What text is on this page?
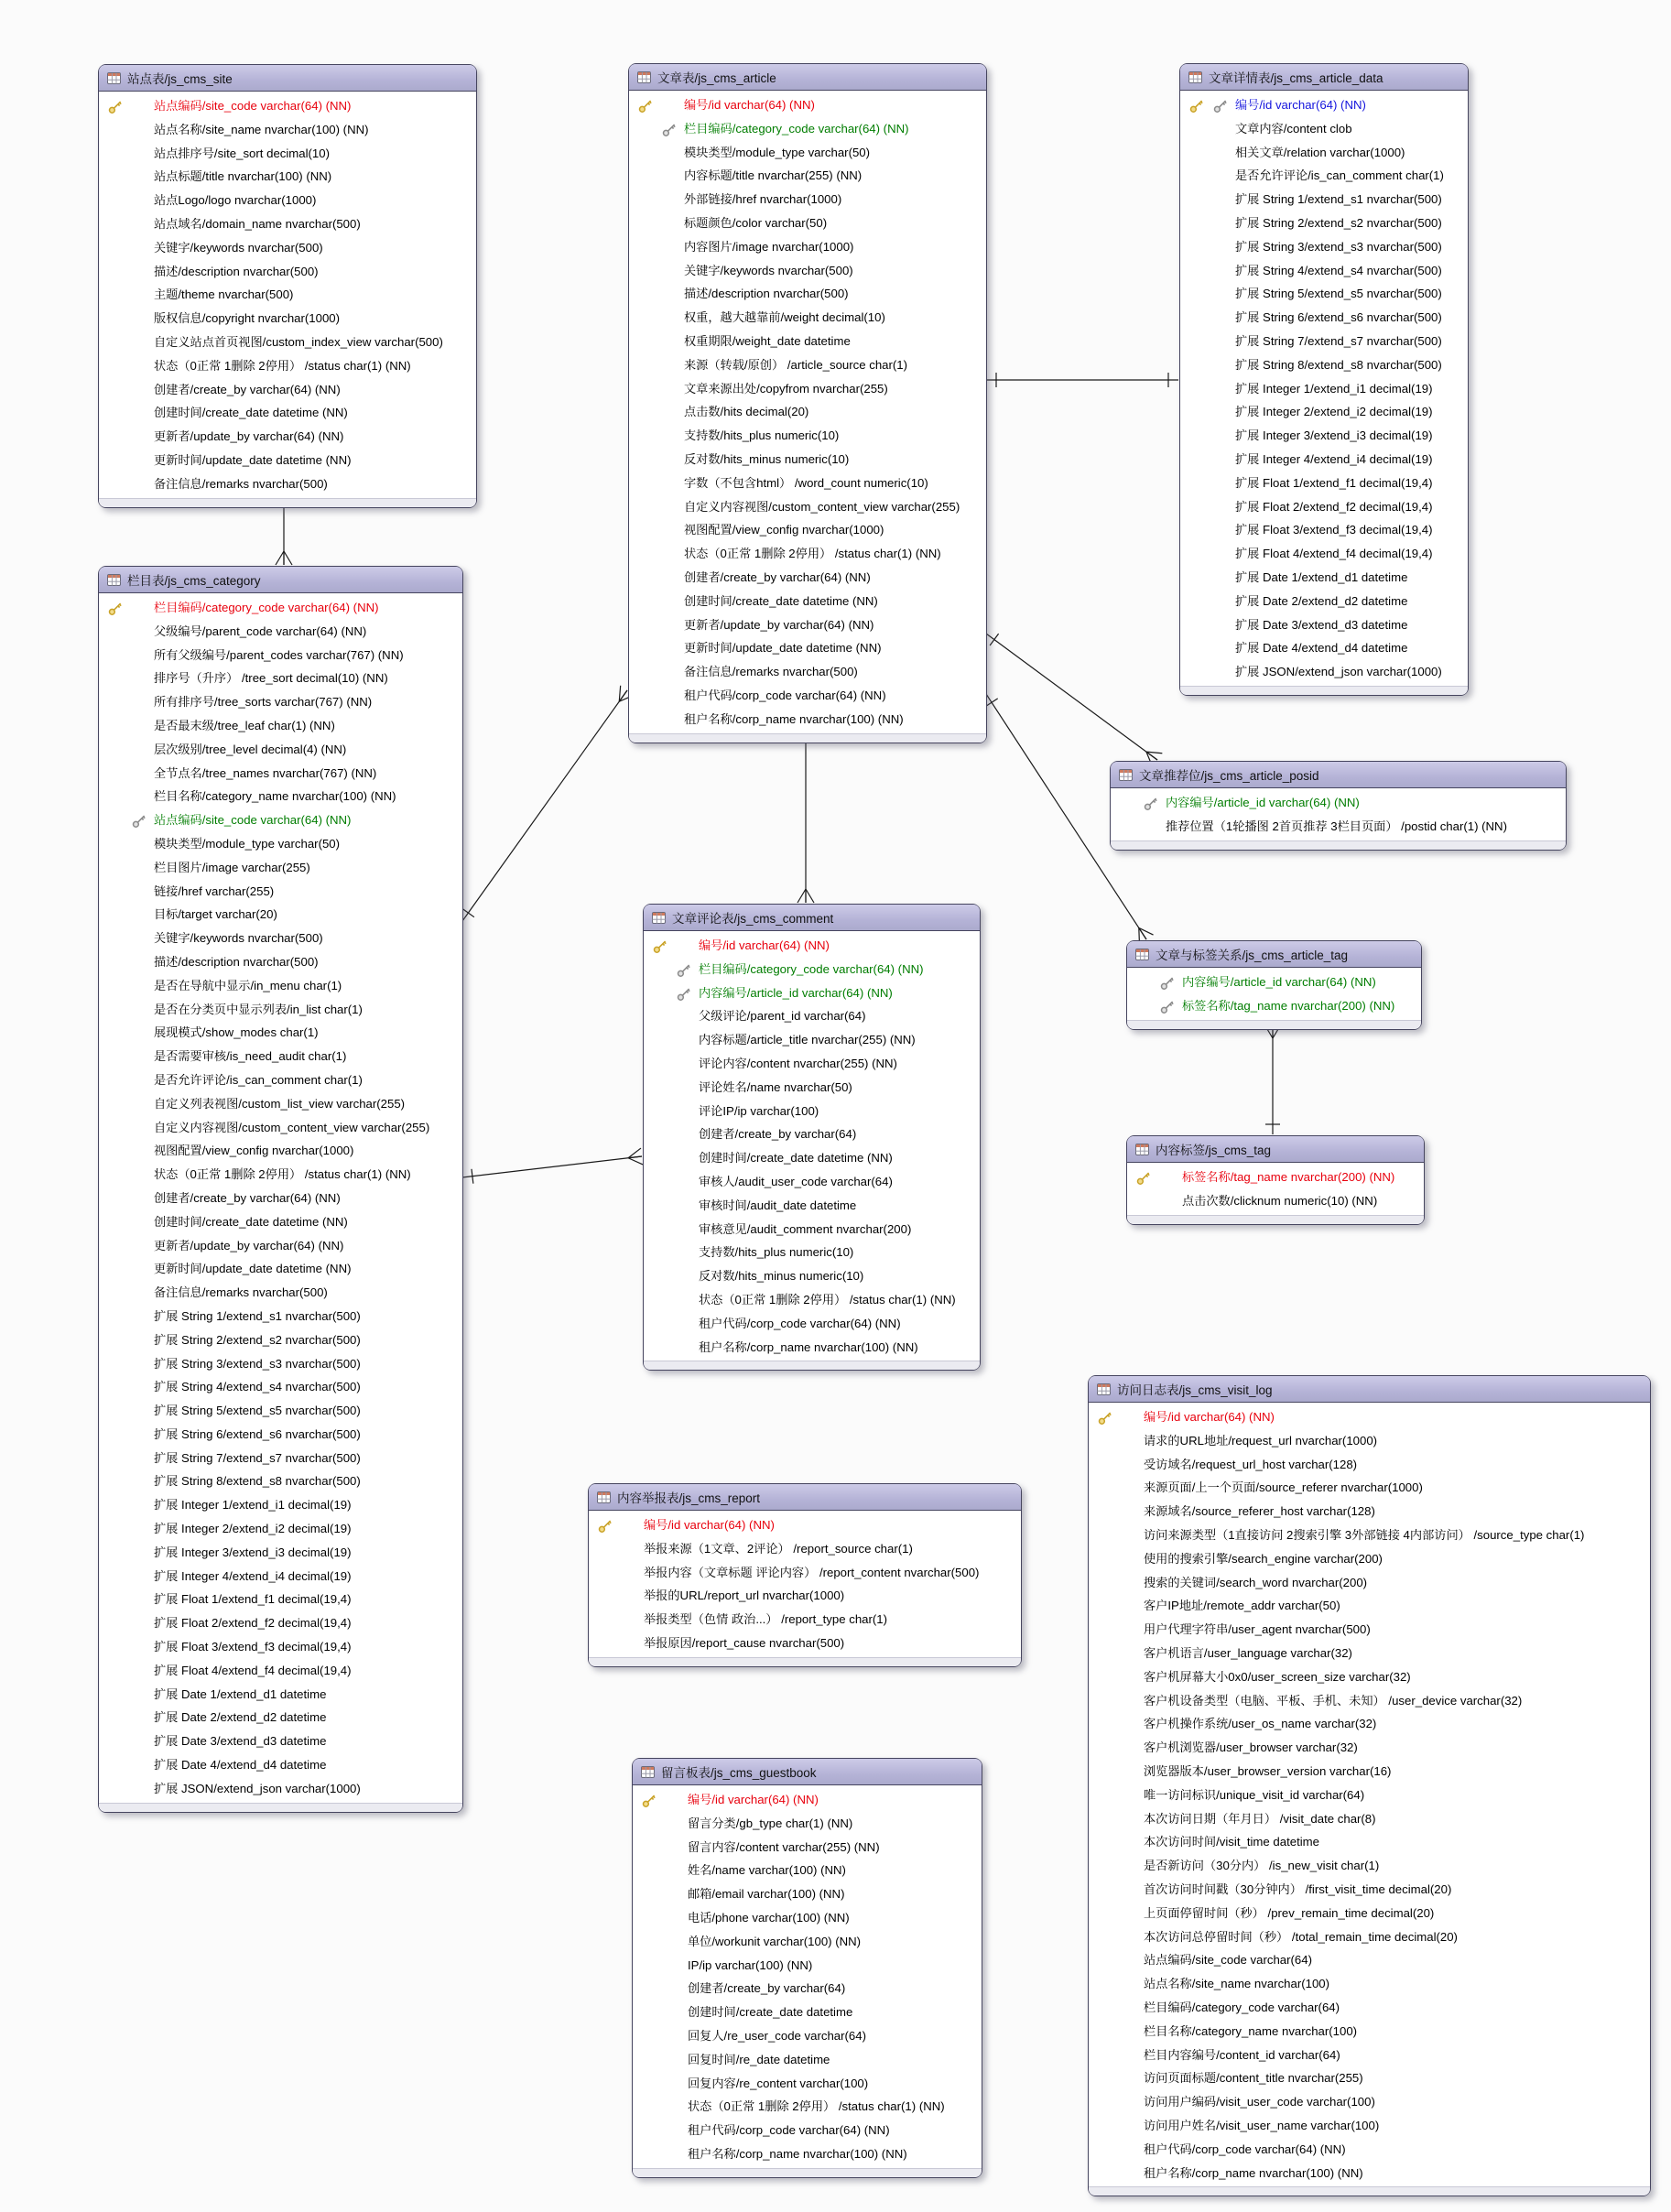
站点表/js_cms_site
站点编码/site_code varchar(64) (NN)
站点名称/site_name nvarchar(100) (NN)
站点排序号/site_sort decimal(10)
站点标题/title nvarchar(100) (NN)
站点Logo/logo nvarchar(1000)
站点域名/domain_name nvarchar(500)
关键字/keywords nvarchar(500)
描述/description nvarchar(500)
主题/theme nvarchar(500)
版权信息/copyright nvarchar(1000)
自定义站点首页视图/custom_index_view varchar(500)
状态（0正常 1删除 2停用） /status char(1) (NN)
创建者/create_by varchar(64) (NN)
创建时间/create_date datetime (NN)
更新者/update_by varchar(64) (NN)
更新时间/update_date datetime (NN)
备注信息/remarks nvarchar(500)
栏目表/js_cms_category
栏目编码/category_code varchar(64) (NN)
父级编号/parent_code varchar(64) (NN)
所有父级编号/parent_codes varchar(767) (NN)
排序号（升序） /tree_sort decimal(10) (NN)
所有排序号/tree_sorts varchar(767) (NN)
是否最末级/tree_leaf char(1) (NN)
层次级别/tree_level decimal(4) (NN)
全节点名/tree_names nvarchar(767) (NN)
栏目名称/category_name nvarchar(100) (NN)
站点编码/site_code varchar(64) (NN)
模块类型/module_type varchar(50)
栏目图片/image varchar(255)
链接/href varchar(255)
目标/target varchar(20)
关键字/keywords nvarchar(500)
描述/description nvarchar(500)
是否在导航中显示/in_menu char(1)
是否在分类页中显示列表/in_list char(1)
展现模式/show_modes char(1)
是否需要审核/is_need_audit char(1)
是否允许评论/is_can_comment char(1)
自定义列表视图/custom_list_view varchar(255)
自定义内容视图/custom_content_view varchar(255)
视图配置/view_config nvarchar(1000)
状态（0正常 1删除 2停用） /status char(1) (NN)
创建者/create_by varchar(64) (NN)
创建时间/create_date datetime (NN)
更新者/update_by varchar(64) (NN)
更新时间/update_date datetime (NN)
备注信息/remarks nvarchar(500)
扩展 String 1/extend_s1 nvarchar(500)
扩展 String 2/extend_s2 nvarchar(500)
扩展 String 3/extend_s3 nvarchar(500)
扩展 String 4/extend_s4 nvarchar(500)
扩展 String 5/extend_s5 nvarchar(500)
扩展 String 6/extend_s6 nvarchar(500)
扩展 String 7/extend_s7 nvarchar(500)
扩展 String 8/extend_s8 nvarchar(500)
扩展 Integer 1/extend_i1 decimal(19)
扩展 Integer 2/extend_i2 decimal(19)
扩展 Integer 3/extend_i3 decimal(19)
扩展 Integer 4/extend_i4 decimal(19)
扩展 Float 1/extend_f1 decimal(19,4)
扩展 Float 2/extend_f2 decimal(19,4)
扩展 Float 3/extend_f3 decimal(19,4)
扩展 Float 4/extend_f4 decimal(19,4)
扩展 Date 1/extend_d1 datetime
扩展 Date 2/extend_d2 datetime
扩展 Date 3/extend_d3 datetime
扩展 Date 4/extend_d4 datetime
扩展 JSON/extend_json varchar(1000)
文章表/js_cms_article
编号/id varchar(64) (NN)
栏目编码/category_code varchar(64) (NN)
模块类型/module_type varchar(50)
内容标题/title nvarchar(255) (NN)
外部链接/href nvarchar(1000)
标题颜色/color varchar(50)
内容图片/image nvarchar(1000)
关键字/keywords nvarchar(500)
描述/description nvarchar(500)
权重，越大越靠前/weight decimal(10)
权重期限/weight_date datetime
来源（转载/原创） /article_source char(1)
文章来源出处/copyfrom nvarchar(255)
点击数/hits decimal(20)
支持数/hits_plus numeric(10)
反对数/hits_minus numeric(10)
字数（不包含html） /word_count numeric(10)
自定义内容视图/custom_content_view varchar(255)
视图配置/view_config nvarchar(1000)
状态（0正常 1删除 2停用） /status char(1) (NN)
创建者/create_by varchar(64) (NN)
创建时间/create_date datetime (NN)
更新者/update_by varchar(64) (NN)
更新时间/update_date datetime (NN)
备注信息/remarks nvarchar(500)
租户代码/corp_code varchar(64) (NN)
租户名称/corp_name nvarchar(100) (NN)
文章详情表/js_cms_article_data
编号/id varchar(64) (NN)
文章内容/content clob
相关文章/relation varchar(1000)
是否允许评论/is_can_comment char(1)
扩展 String 1/extend_s1 nvarchar(500)
扩展 String 2/extend_s2 nvarchar(500)
扩展 String 3/extend_s3 nvarchar(500)
扩展 String 4/extend_s4 nvarchar(500)
扩展 String 5/extend_s5 nvarchar(500)
扩展 String 6/extend_s6 nvarchar(500)
扩展 String 7/extend_s7 nvarchar(500)
扩展 String 8/extend_s8 nvarchar(500)
扩展 Integer 1/extend_i1 decimal(19)
扩展 Integer 2/extend_i2 decimal(19)
扩展 Integer 3/extend_i3 decimal(19)
扩展 Integer 4/extend_i4 decimal(19)
扩展 Float 1/extend_f1 decimal(19,4)
扩展 Float 2/extend_f2 decimal(19,4)
扩展 Float 3/extend_f3 decimal(19,4)
扩展 Float 4/extend_f4 decimal(19,4)
扩展 Date 1/extend_d1 datetime
扩展 Date 2/extend_d2 datetime
扩展 Date 3/extend_d3 datetime
扩展 Date 4/extend_d4 datetime
扩展 JSON/extend_json varchar(1000)
文章推荐位/js_cms_article_posid
内容编号/article_id varchar(64) (NN)
推荐位置（1轮播图 2首页推荐 3栏目页面） /postid char(1) (NN)
文章与标签关系/js_cms_article_tag
内容编号/article_id varchar(64) (NN)
标签名称/tag_name nvarchar(200) (NN)
内容标签/js_cms_tag
标签名称/tag_name nvarchar(200) (NN)
点击次数/clicknum numeric(10) (NN)
文章评论表/js_cms_comment
编号/id varchar(64) (NN)
栏目编码/category_code varchar(64) (NN)
内容编号/article_id varchar(64) (NN)
父级评论/parent_id varchar(64)
内容标题/article_title nvarchar(255) (NN)
评论内容/content nvarchar(255) (NN)
评论姓名/name nvarchar(50)
评论IP/ip varchar(100)
创建者/create_by varchar(64)
创建时间/create_date datetime (NN)
审核人/audit_user_code varchar(64)
审核时间/audit_date datetime
审核意见/audit_comment nvarchar(200)
支持数/hits_plus numeric(10)
反对数/hits_minus numeric(10)
状态（0正常 1删除 2停用） /status char(1) (NN)
租户代码/corp_code varchar(64) (NN)
租户名称/corp_name nvarchar(100) (NN)
内容举报表/js_cms_report
编号/id varchar(64) (NN)
举报来源（1文章、2评论） /report_source char(1)
举报内容（文章标题 评论内容） /report_content nvarchar(500)
举报的URL/report_url nvarchar(1000)
举报类型（色情 政治...） /report_type char(1)
举报原因/report_cause nvarchar(500)
留言板表/js_cms_guestbook
编号/id varchar(64) (NN)
留言分类/gb_type char(1) (NN)
留言内容/content varchar(255) (NN)
姓名/name varchar(100) (NN)
邮箱/email varchar(100) (NN)
电话/phone varchar(100) (NN)
单位/workunit varchar(100) (NN)
IP/ip varchar(100) (NN)
创建者/create_by varchar(64)
创建时间/create_date datetime
回复人/re_user_code varchar(64)
回复时间/re_date datetime
回复内容/re_content varchar(100)
状态（0正常 1删除 2停用） /status char(1) (NN)
租户代码/corp_code varchar(64) (NN)
租户名称/corp_name nvarchar(100) (NN)
访问日志表/js_cms_visit_log
编号/id varchar(64) (NN)
请求的URL地址/request_url nvarchar(1000)
受访域名/request_url_host varchar(128)
来源页面/上一个页面/source_referer nvarchar(1000)
来源域名/source_referer_host varchar(128)
访问来源类型（1直接访问 2搜索引擎 3外部链接 4内部访问） /source_type char(1)
使用的搜索引擎/search_engine varchar(200)
搜索的关键词/search_word nvarchar(200)
客户IP地址/remote_addr varchar(50)
用户代理字符串/user_agent nvarchar(500)
客户机语言/user_language varchar(32)
客户机屏幕大小0x0/user_screen_size varchar(32)
客户机设备类型（电脑、平板、手机、未知） /user_device varchar(32)
客户机操作系统/user_os_name varchar(32)
客户机浏览器/user_browser varchar(32)
浏览器版本/user_browser_version varchar(16)
唯一访问标识/unique_visit_id varchar(64)
本次访问日期（年月日） /visit_date char(8)
本次访问时间/visit_time datetime
是否新访问（30分内） /is_new_visit char(1)
首次访问时间戳（30分钟内） /first_visit_time decimal(20)
上页面停留时间（秒） /prev_remain_time decimal(20)
本次访问总停留时间（秒） /total_remain_time decimal(20)
站点编码/site_code varchar(64)
站点名称/site_name nvarchar(100)
栏目编码/category_code varchar(64)
栏目名称/category_name nvarchar(100)
栏目内容编号/content_id varchar(64)
访问页面标题/content_title nvarchar(255)
访问用户编码/visit_user_code varchar(100)
访问用户姓名/visit_user_name varchar(100)
租户代码/corp_code varchar(64) (NN)
租户名称/corp_name nvarchar(100) (NN)
